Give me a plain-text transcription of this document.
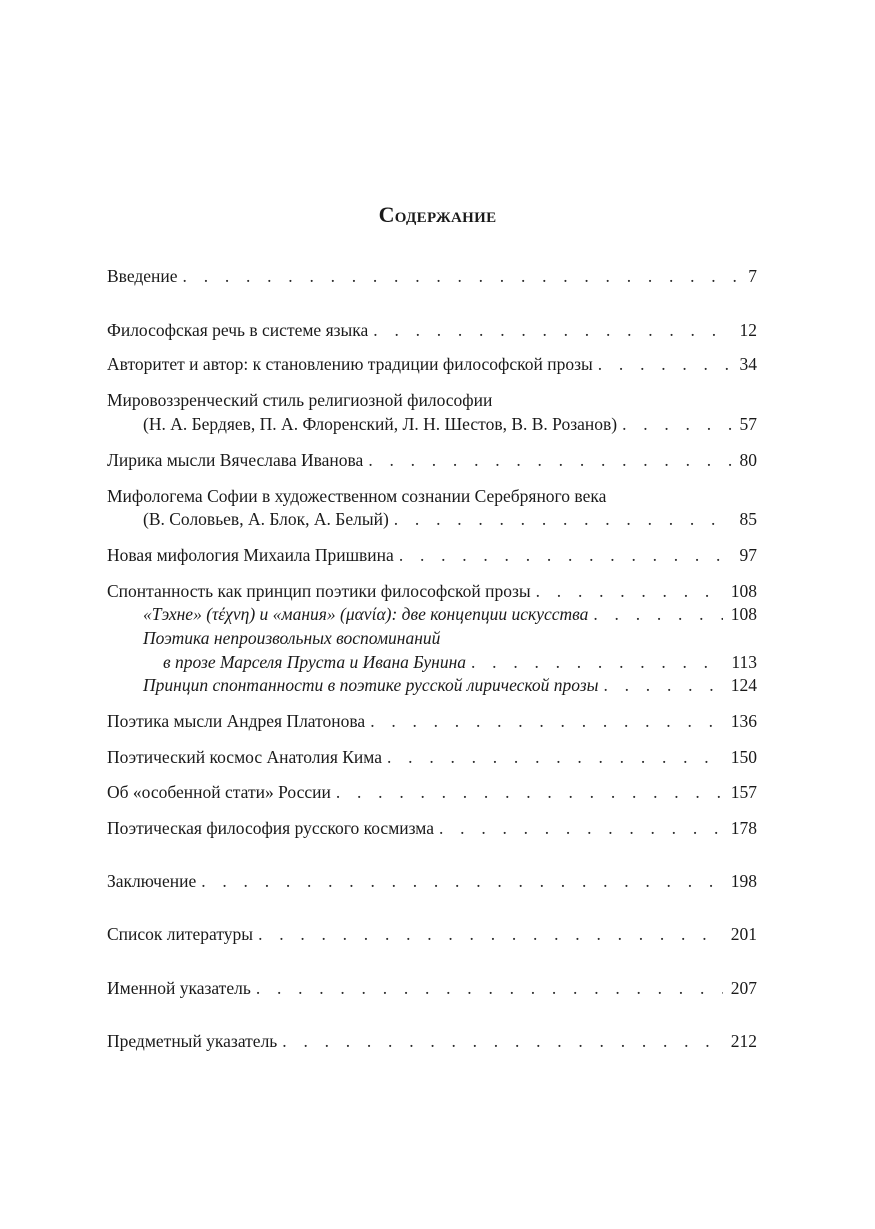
Содержание
Введение . . .	7
Философская речь в системе языка . . .	12
Авторитет и автор: к становлению традиции философской прозы . . .	34
Мировоззренческий стиль религиозной философии
(Н. А. Бердяев, П. А. Флоренский, Л. Н. Шестов, В. В. Розанов) . . .	57
Лирика мысли Вячеслава Иванова . . .	80
Мифологема Софии в художественном сознании Серебряного века
(В. Соловьев, А. Блок, А. Белый) . . .	85
Новая мифология Михаила Пришвина . . .	97
Спонтанность как принцип поэтики философской прозы . . .	108
«Тэхне» (τέχνη) и «мания» (μανία): две концепции искусства . . .	108
Поэтика непроизвольных воспоминаний
в прозе Марселя Пруста и Ивана Бунина . . .	113
Принцип спонтанности в поэтике русской лирической прозы . . .	124
Поэтика мысли Андрея Платонова . . .	136
Поэтический космос Анатолия Кима . . .	150
Об «особенной стати» России . . .	157
Поэтическая философия русского космизма . . .	178
Заключение . . .	198
Список литературы . . .	201
Именной указатель . . .	207
Предметный указатель . . .	212
